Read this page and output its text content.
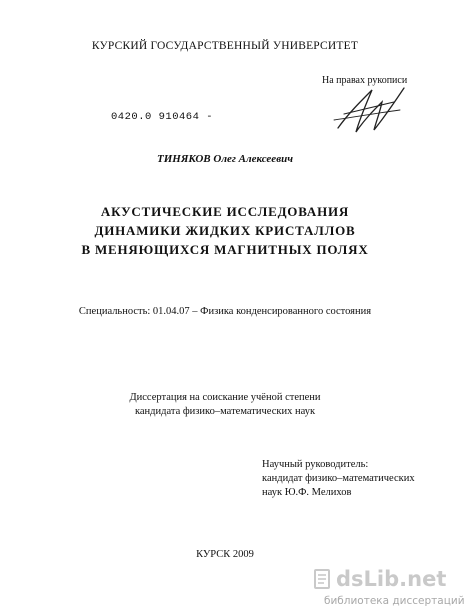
КУРСКИЙ ГОСУДАРСТВЕННЫЙ УНИВЕРСИТЕТ
На правах рукописи
0420.0 910464 -
ТИНЯКОВ Олег Алексеевич
АКУСТИЧЕСКИЕ ИССЛЕДОВАНИЯ
ДИНАМИКИ ЖИДКИХ КРИСТАЛЛОВ
В МЕНЯЮЩИХСЯ МАГНИТНЫХ ПОЛЯХ
Специальность: 01.04.07 – Физика конденсированного состояния
Диссертация на соискание учёной степени
кандидата физико–математических наук
Научный руководитель:
кандидат физико–математических
наук Ю.Ф. Мелихов
КУРСК 2009
dsLib.net
библиотека диссертаций
